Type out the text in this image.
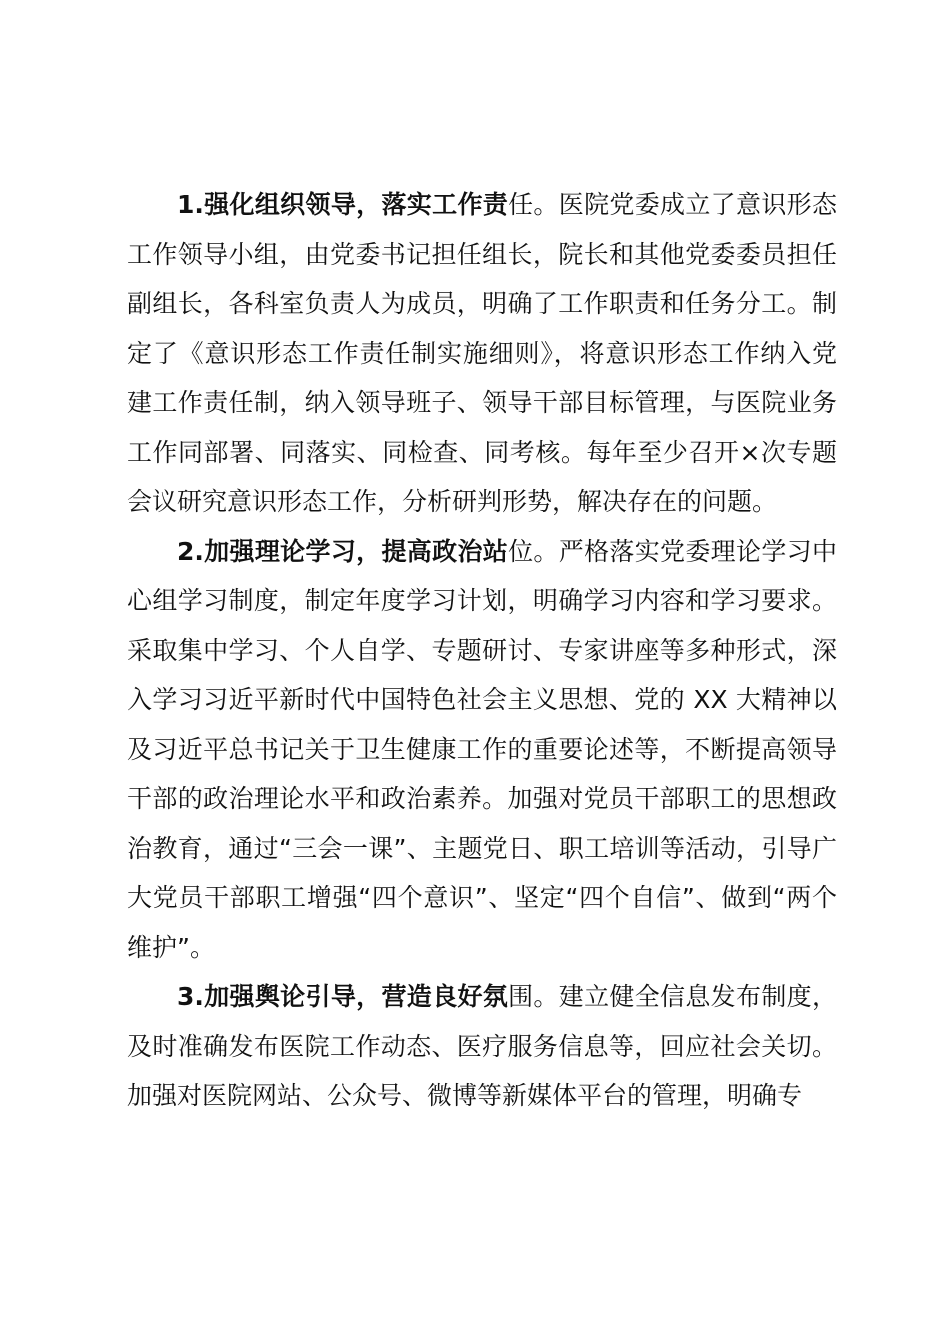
1.强化组织领导，落实工作责任。医院党委成立了意识形态工作领导小组，由党委书记担任组长，院长和其他党委委员担任副组长，各科室负责人为成员，明确了工作职责和任务分工。制定了《意识形态工作责任制实施细则》，将意识形态工作纳入党建工作责任制，纳入领导班子、领导干部目标管理，与医院业务工作同部署、同落实、同检查、同考核。每年至少召开×次专题会议研究意识形态工作，分析研判形势，解决存在的问题。

2.加强理论学习，提高政治站位。严格落实党委理论学习中心组学习制度，制定年度学习计划，明确学习内容和学习要求。采取集中学习、个人自学、专题研讨、专家讲座等多种形式，深入学习习近平新时代中国特色社会主义思想、党的 XX 大精神以及习近平总书记关于卫生健康工作的重要论述等，不断提高领导干部的政治理论水平和政治素养。加强对党员干部职工的思想政治教育，通过“三会一课”、主题党日、职工培训等活动，引导广大党员干部职工增强“四个意识”、坚定“四个自信”、做到“两个维护”。

3.加强舆论引导，营造良好氛围。建立健全信息发布制度，及时准确发布医院工作动态、医疗服务信息等，回应社会关切。加强对医院网站、公众号、微博等新媒体平台的管理，明确专
